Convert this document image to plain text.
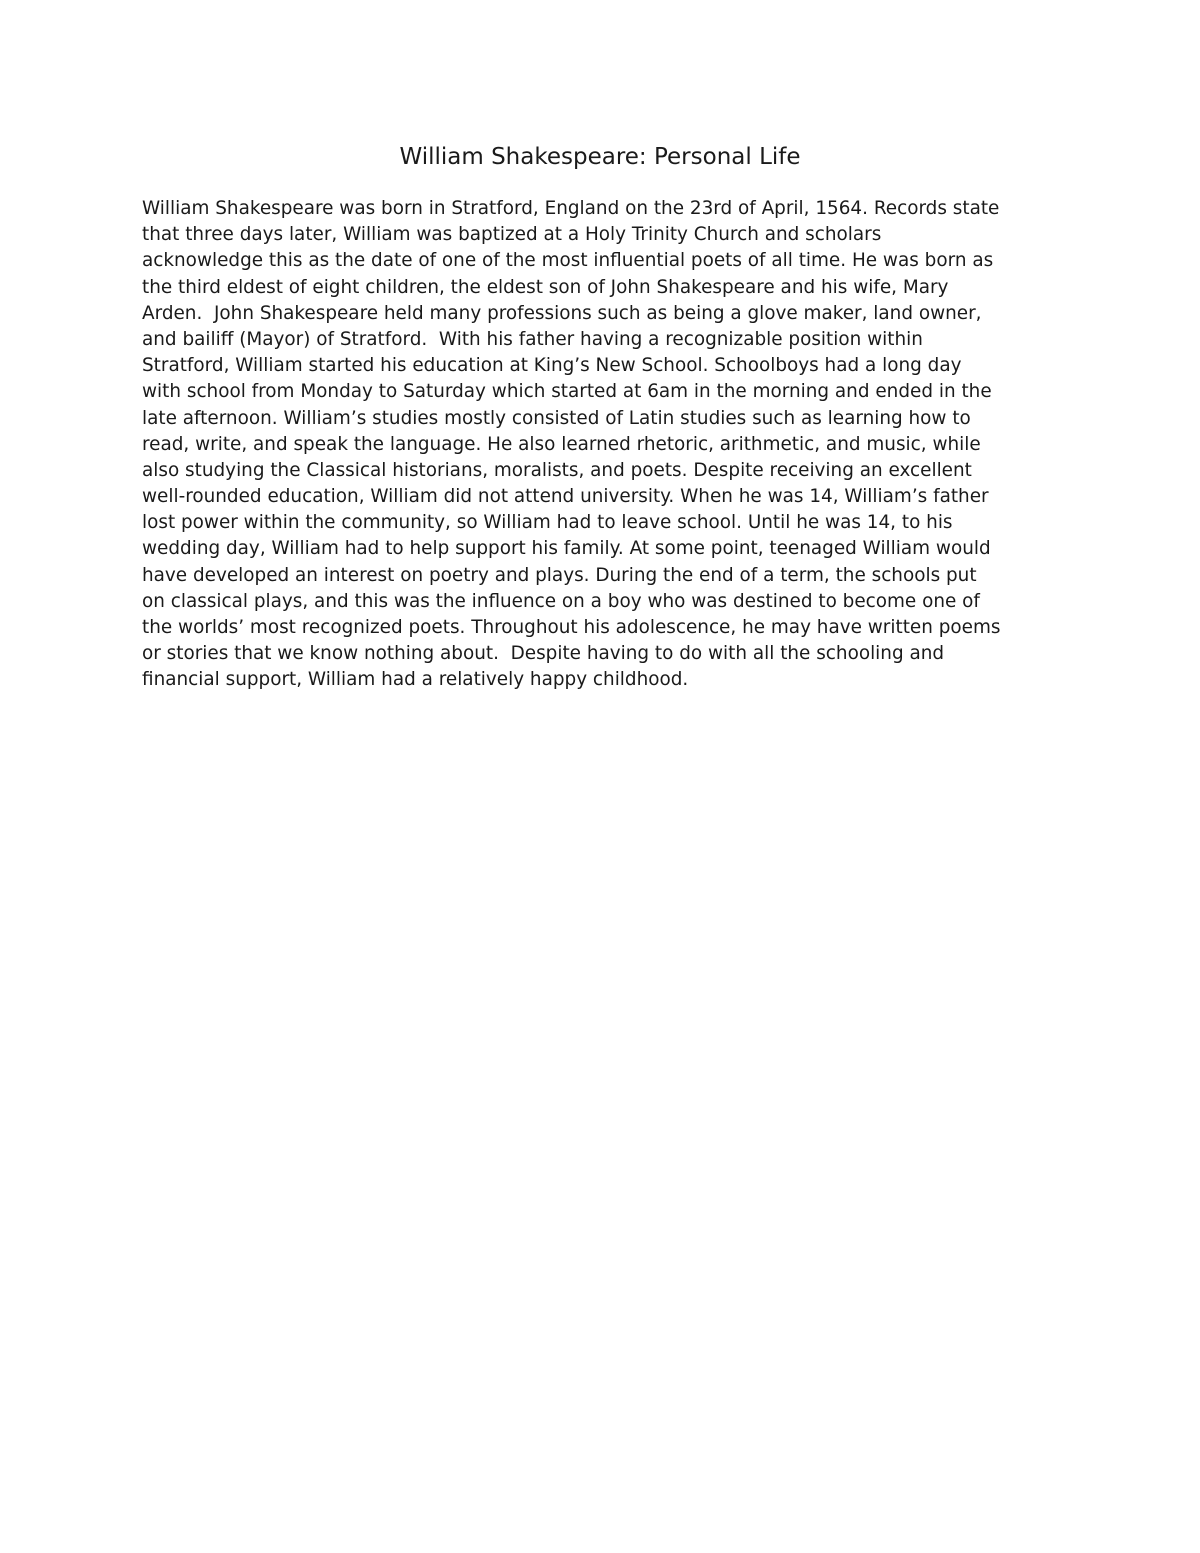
William Shakespeare: Personal Life
William Shakespeare was born in Stratford, England on the 23rd of April, 1564. Records state
that three days later, William was baptized at a Holy Trinity Church and scholars
acknowledge this as the date of one of the most influential poets of all time. He was born as
the third eldest of eight children, the eldest son of John Shakespeare and his wife, Mary
Arden.  John Shakespeare held many professions such as being a glove maker, land owner,
and bailiff (Mayor) of Stratford.  With his father having a recognizable position within
Stratford, William started his education at King’s New School. Schoolboys had a long day
with school from Monday to Saturday which started at 6am in the morning and ended in the
late afternoon. William’s studies mostly consisted of Latin studies such as learning how to
read, write, and speak the language. He also learned rhetoric, arithmetic, and music, while
also studying the Classical historians, moralists, and poets. Despite receiving an excellent
well-rounded education, William did not attend university. When he was 14, William’s father
lost power within the community, so William had to leave school. Until he was 14, to his
wedding day, William had to help support his family. At some point, teenaged William would
have developed an interest on poetry and plays. During the end of a term, the schools put
on classical plays, and this was the influence on a boy who was destined to become one of
the worlds’ most recognized poets. Throughout his adolescence, he may have written poems
or stories that we know nothing about.  Despite having to do with all the schooling and
financial support, William had a relatively happy childhood.
